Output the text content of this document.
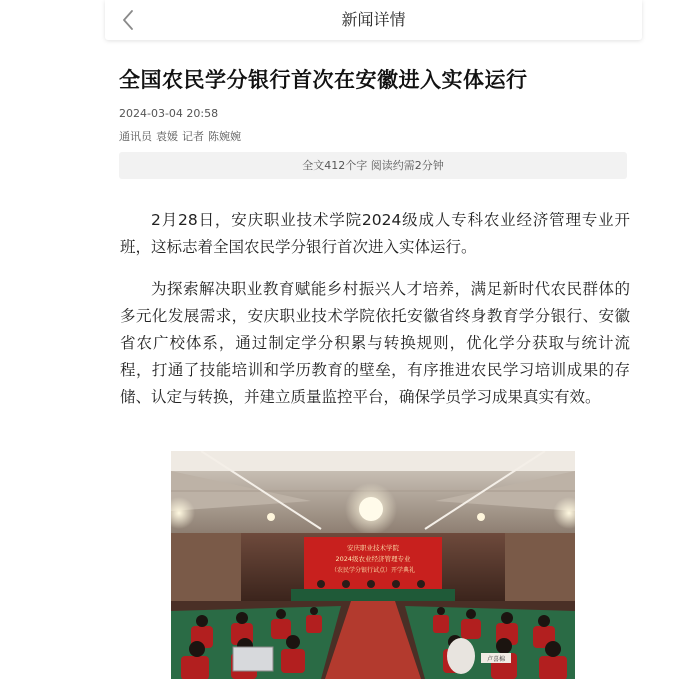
新闻详情
全国农民学分银行首次在安徽进入实体运行
2024-03-04 20:58
通讯员 袁媛 记者 陈婉婉
全文412个字 阅读约需2分钟

2月28日，安庆职业技术学院2024级成人专科农业经济管理专业开班，这标志着全国农民学分银行首次进入实体运行。

为探索解决职业教育赋能乡村振兴人才培养，满足新时代农民群体的多元化发展需求，安庆职业技术学院依托安徽省终身教育学分银行、安徽省农广校体系，通过制定学分积累与转换规则，优化学分获取与统计流程，打通了技能培训和学历教育的壁垒，有序推进农民学习培训成果的存储、认定与转换，并建立质量监控平台，确保学员学习成果真实有效。

安庆职业技术学院
2024级农业经济管理专业
（农民学分银行试点）开学典礼
卢喜棉
